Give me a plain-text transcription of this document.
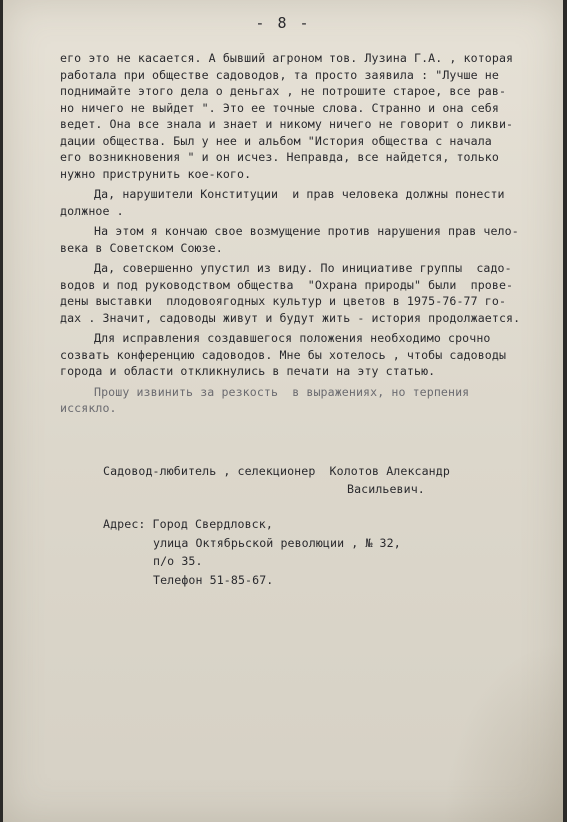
- 8 -
его это не касается. А бывший агроном тов. Лузина Г.А. , которая
работала при обществе садоводов, та просто заявила : "Лучше не
поднимайте этого дела о деньгах , не потрошите старое, все рав-
но ничего не выйдет ". Это ее точные слова. Странно и она себя
ведет. Она все знала и знает и никому ничего не говорит о ликви-
дации общества. Был у нее и альбом "История общества с начала
его возникновения " и он исчез. Неправда, все найдется, только
нужно приструнить кое-кого.
Да, нарушители Конституции  и прав человека должны понести
должное .
На этом я кончаю свое возмущение против нарушения прав чело-
века в Советском Союзе.
Да, совершенно упустил из виду. По инициативе группы  садо-
водов и под руководством общества  "Охрана природы" были  прове-
дены выставки  плодовоягодных культур и цветов в 1975-76-77 го-
дах . Значит, садоводы живут и будут жить - история продолжается.
Для исправления создавшегося положения необходимо срочно
созвать конференцию садоводов. Мне бы хотелось , чтобы садоводы
города и области откликнулись в печати на эту статью.
Прошу извинить за резкость  в выражениях, но терпения
иссякло.
Садовод-любитель , селекционер  Колотов Александр
Васильевич.
Адрес: Город Свердловск,
улица Октябрьской революции , № 32,
п/о 35.
Телефон 51-85-67.
